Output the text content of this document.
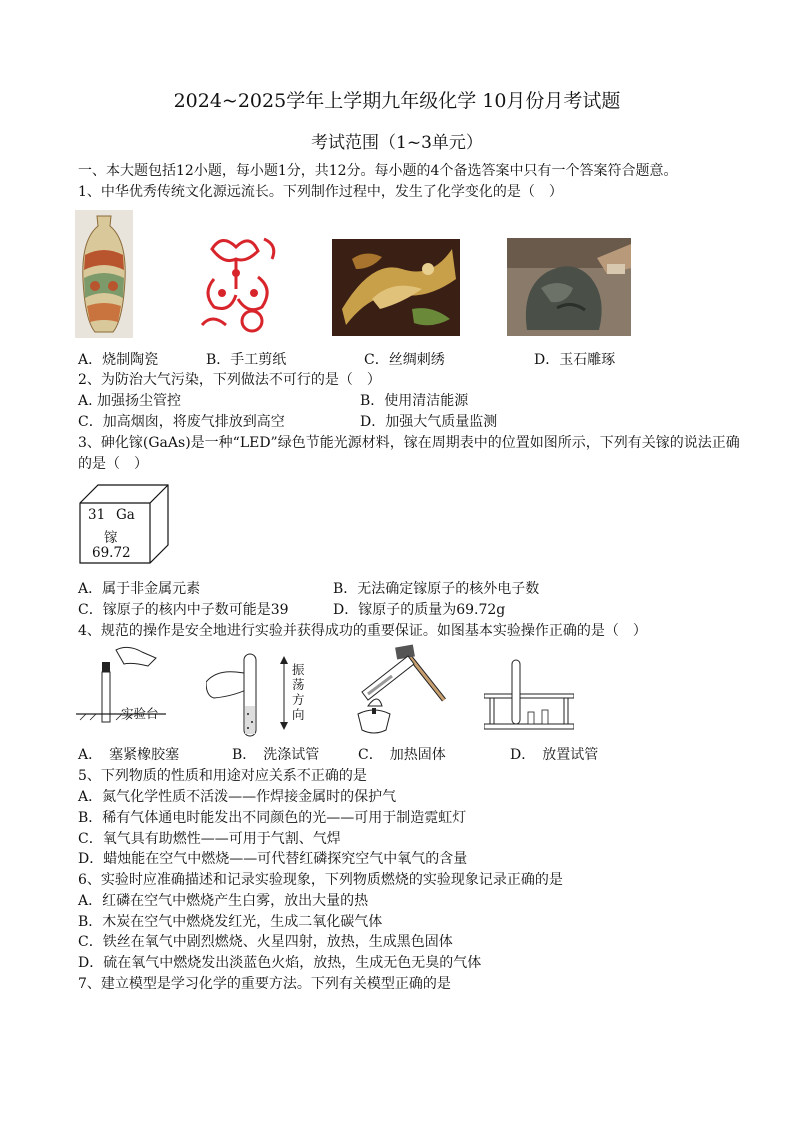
2024~2025学年上学期九年级化学 10月份月考试题
考试范围（1~3单元）
一、本大题包括12小题，每小题1分，共12分。每小题的4个备选答案中只有一个答案符合题意。
1、中华优秀传统文化源远流长。下列制作过程中，发生了化学变化的是（　）
A．烧制陶瓷	B．手工剪纸	C．丝绸刺绣	D．玉石雕琢
2、为防治大气污染，下列做法不可行的是（　）
A. 加强扬尘管控	B．使用清洁能源
C．加高烟囱，将废气排放到高空	D．加强大气质量监测
3、砷化镓(GaAs)是一种“LED”绿色节能光源材料，镓在周期表中的位置如图所示，下列有关镓的说法正确
的是（　）
31 Ga
镓
69.72
A．属于非金属元素	B．无法确定镓原子的核外电子数
C．镓原子的核内中子数可能是39	D．镓原子的质量为69.72g
4、规范的操作是安全地进行实验并获得成功的重要保证。如图基本实验操作正确的是（　）
实验台
振荡方向
A．　塞紧橡胶塞	B．　洗涤试管	C．　加热固体	D．　放置试管
5、下列物质的性质和用途对应关系不正确的是
A．氮气化学性质不活泼——作焊接金属时的保护气
B．稀有气体通电时能发出不同颜色的光——可用于制造霓虹灯
C．氧气具有助燃性——可用于气割、气焊
D．蜡烛能在空气中燃烧——可代替红磷探究空气中氧气的含量
6、实验时应准确描述和记录实验现象，下列物质燃烧的实验现象记录正确的是
A．红磷在空气中燃烧产生白雾，放出大量的热
B．木炭在空气中燃烧发红光，生成二氧化碳气体
C．铁丝在氧气中剧烈燃烧、火星四射，放热，生成黑色固体
D．硫在氧气中燃烧发出淡蓝色火焰，放热，生成无色无臭的气体
7、建立模型是学习化学的重要方法。下列有关模型正确的是
